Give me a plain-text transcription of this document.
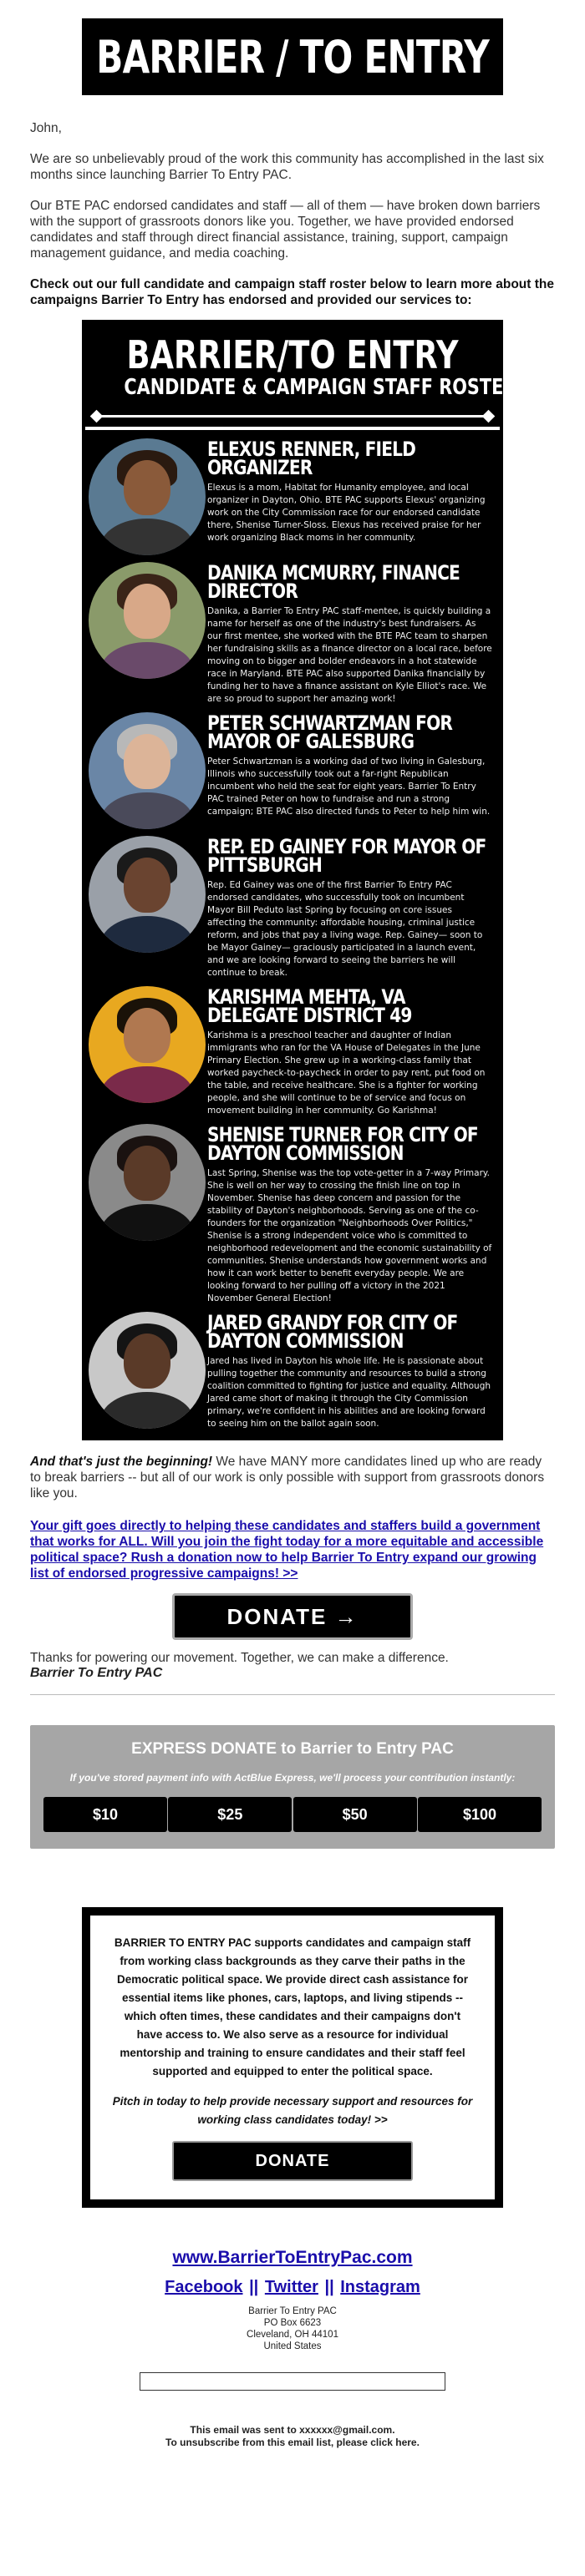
BARRIER / TO ENTRY

John,

We are so unbelievably proud of the work this community has accomplished in the last six months since launching Barrier To Entry PAC.

Our BTE PAC endorsed candidates and staff — all of them — have broken down barriers with the support of grassroots donors like you. Together, we have provided endorsed candidates and staff through direct financial assistance, training, support, campaign management guidance, and media coaching.

Check out our full candidate and campaign staff roster below to learn more about the campaigns Barrier To Entry has endorsed and provided our services to:

BARRIER/TO ENTRY
CANDIDATE & CAMPAIGN STAFF ROSTER
ELEXUS RENNER, FIELD ORGANIZER
Elexus is a mom, Habitat for Humanity employee, and local organizer in Dayton, Ohio. BTE PAC supports Elexus' organizing work on the City Commission race for our endorsed candidate there, Shenise Turner-Sloss. Elexus has received praise for her work organizing Black moms in her community.
DANIKA MCMURRY, FINANCE DIRECTOR
Danika, a Barrier To Entry PAC staff-mentee, is quickly building a name for herself as one of the industry's best fundraisers. As our first mentee, she worked with the BTE PAC team to sharpen her fundraising skills as a finance director on a local race, before moving on to bigger and bolder endeavors in a hot statewide race in Maryland. BTE PAC also supported Danika financially by funding her to have a finance assistant on Kyle Elliot's race. We are so proud to support her amazing work!
PETER SCHWARTZMAN FOR MAYOR OF GALESBURG
Peter Schwartzman is a working dad of two living in Galesburg, Illinois who successfully took out a far-right Republican incumbent who held the seat for eight years. Barrier To Entry PAC trained Peter on how to fundraise and run a strong campaign; BTE PAC also directed funds to Peter to help him win.
REP. ED GAINEY FOR MAYOR OF PITTSBURGH
Rep. Ed Gainey was one of the first Barrier To Entry PAC endorsed candidates, who successfully took on incumbent Mayor Bill Peduto last Spring by focusing on core issues affecting the community: affordable housing, criminal justice reform, and jobs that pay a living wage. Rep. Gainey— soon to be Mayor Gainey— graciously participated in a launch event, and we are looking forward to seeing the barriers he will continue to break.
KARISHMA MEHTA, VA DELEGATE DISTRICT 49
Karishma is a preschool teacher and daughter of Indian immigrants who ran for the VA House of Delegates in the June Primary Election. She grew up in a working-class family that worked paycheck-to-paycheck in order to pay rent, put food on the table, and receive healthcare. She is a fighter for working people, and she will continue to be of service and focus on movement building in her community. Go Karishma!
SHENISE TURNER FOR CITY OF DAYTON COMMISSION
Last Spring, Shenise was the top vote-getter in a 7-way Primary. She is well on her way to crossing the finish line on top in November. Shenise has deep concern and passion for the stability of Dayton's neighborhoods. Serving as one of the co-founders for the organization "Neighborhoods Over Politics," Shenise is a strong independent voice who is committed to neighborhood redevelopment and the economic sustainability of communities. Shenise understands how government works and how it can work better to benefit everyday people. We are looking forward to her pulling off a victory in the 2021 November General Election!
JARED GRANDY FOR CITY OF DAYTON COMMISSION
Jared has lived in Dayton his whole life. He is passionate about pulling together the community and resources to build a strong coalition committed to fighting for justice and equality. Although Jared came short of making it through the City Commission primary, we're confident in his abilities and are looking forward to seeing him on the ballot again soon.

And that's just the beginning! We have MANY more candidates lined up who are ready to break barriers -- but all of our work is only possible with support from grassroots donors like you.

Your gift goes directly to helping these candidates and staffers build a government that works for ALL. Will you join the fight today for a more equitable and accessible political space? Rush a donation now to help Barrier To Entry expand our growing list of endorsed progressive campaigns! >>
DONATE →

Thanks for powering our movement. Together, we can make a difference.

Barrier To Entry PAC

EXPRESS DONATE to Barrier to Entry PAC
If you've stored payment info with ActBlue Express, we'll process your contribution instantly:
$10	$25	$50	$100

BARRIER TO ENTRY PAC supports candidates and campaign staff from working class backgrounds as they carve their paths in the Democratic political space. We provide direct cash assistance for essential items like phones, cars, laptops, and living stipends -- which often times, these candidates and their campaigns don't have access to. We also serve as a resource for individual mentorship and training to ensure candidates and their staff feel supported and equipped to enter the political space.

Pitch in today to help provide necessary support and resources for working class candidates today! >>

DONATE
www.BarrierToEntryPac.com
Facebook || Twitter || Instagram
Barrier To Entry PAC
PO Box 6623
Cleveland, OH 44101
United States
This email was sent to xxxxxx@gmail.com.
To unsubscribe from this email list, please click here.
